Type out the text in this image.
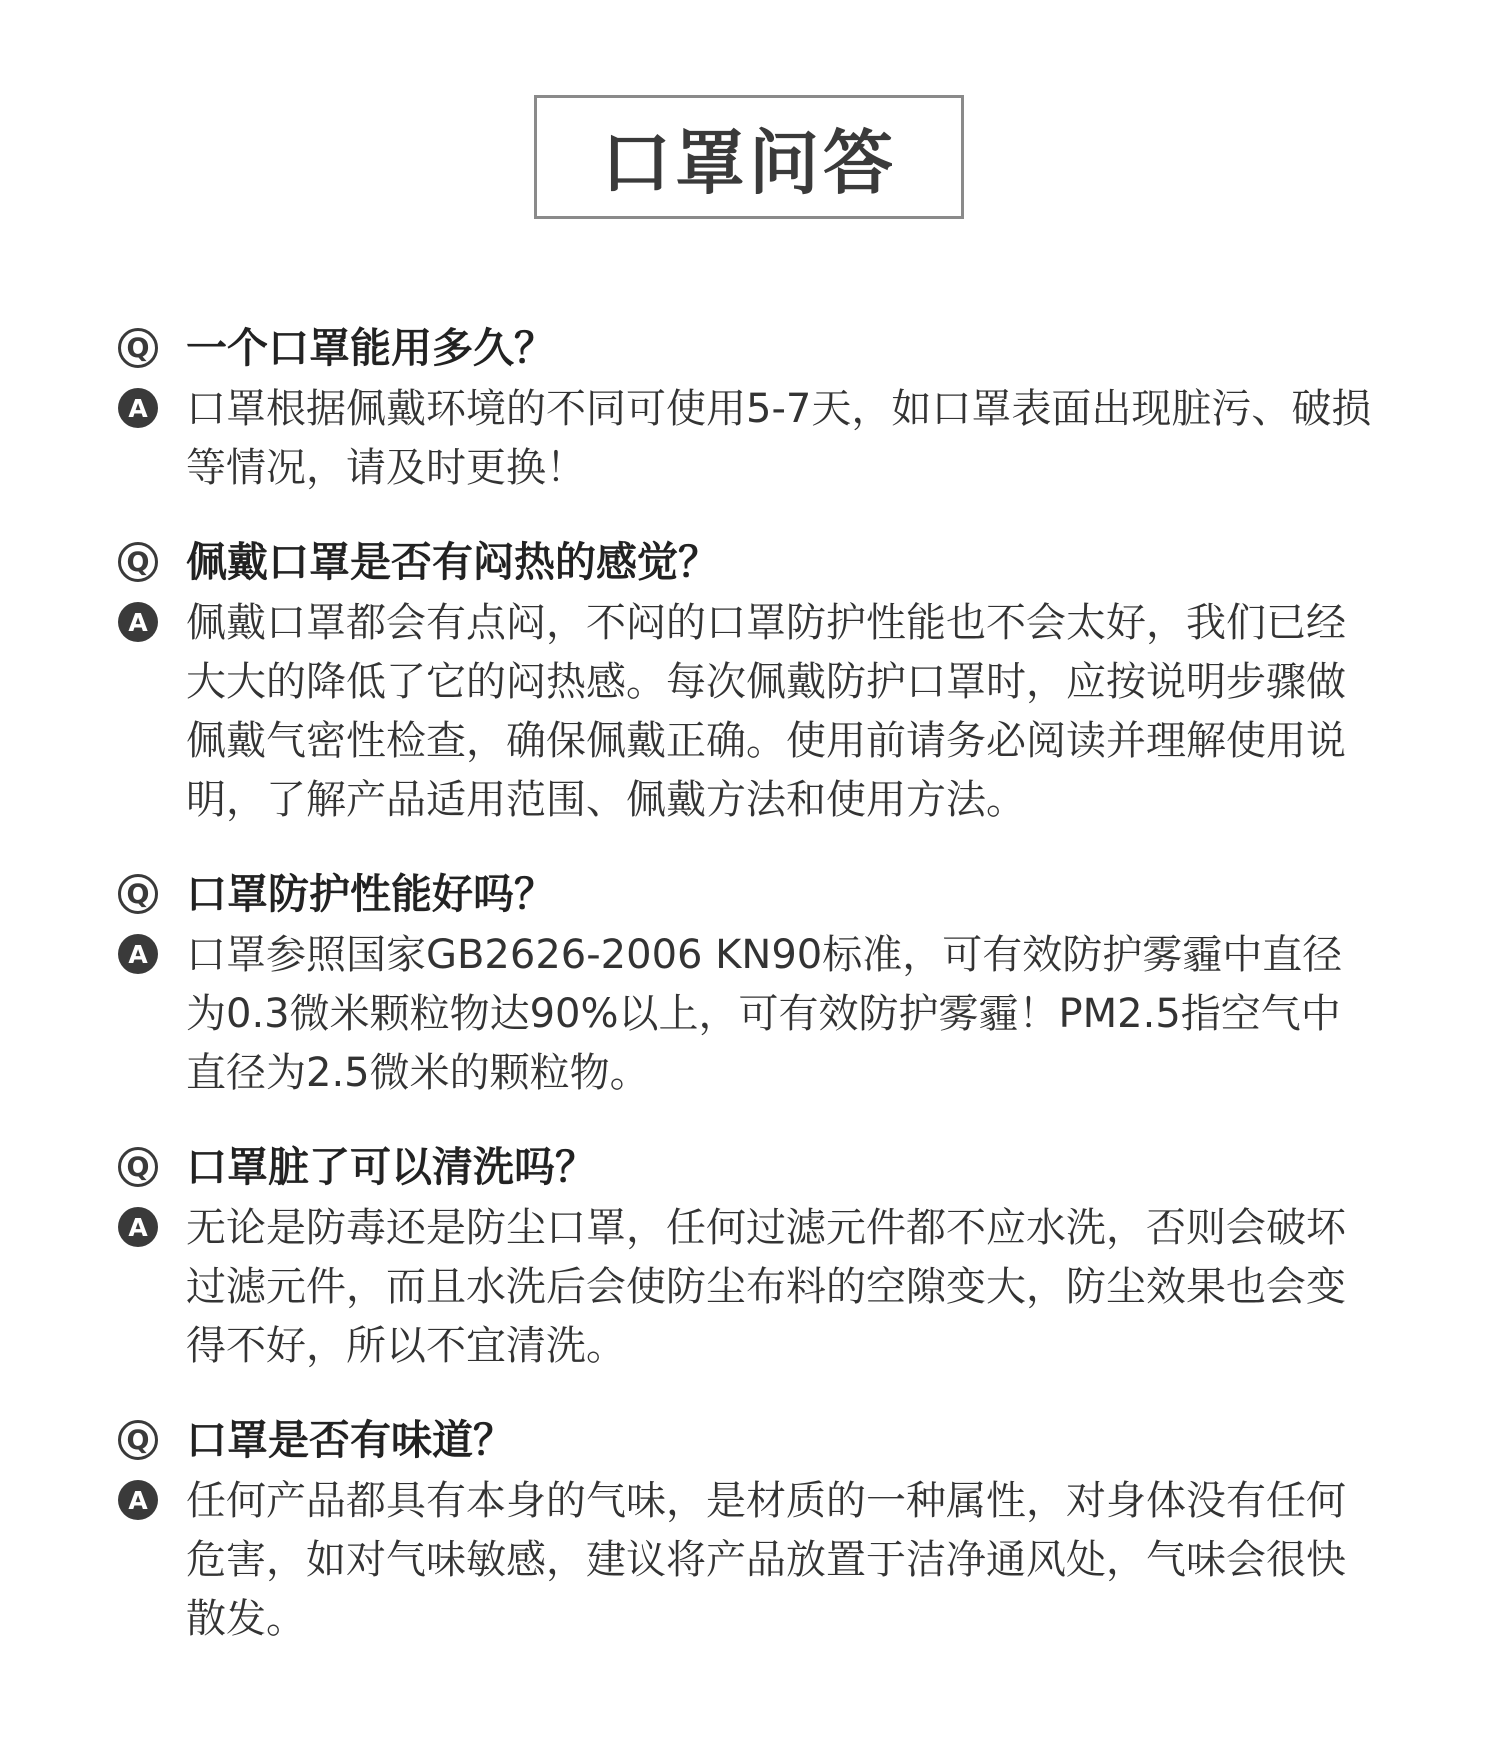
口罩问答
Q 一个口罩能用多久？
A 口罩根据佩戴环境的不同可使用5-7天，如口罩表面出现脏污、破损等情况，请及时更换！
Q 佩戴口罩是否有闷热的感觉？
A 佩戴口罩都会有点闷，不闷的口罩防护性能也不会太好，我们已经大大的降低了它的闷热感。每次佩戴防护口罩时，应按说明步骤做佩戴气密性检查，确保佩戴正确。使用前请务必阅读并理解使用说明，了解产品适用范围、佩戴方法和使用方法。
Q 口罩防护性能好吗？
A 口罩参照国家GB2626-2006 KN90标准，可有效防护雾霾中直径为0.3微米颗粒物达90%以上，可有效防护雾霾！PM2.5指空气中直径为2.5微米的颗粒物。
Q 口罩脏了可以清洗吗？
A 无论是防毒还是防尘口罩，任何过滤元件都不应水洗，否则会破坏过滤元件，而且水洗后会使防尘布料的空隙变大，防尘效果也会变得不好，所以不宜清洗。
Q 口罩是否有味道？
A 任何产品都具有本身的气味，是材质的一种属性，对身体没有任何危害，如对气味敏感，建议将产品放置于洁净通风处，气味会很快散发。
